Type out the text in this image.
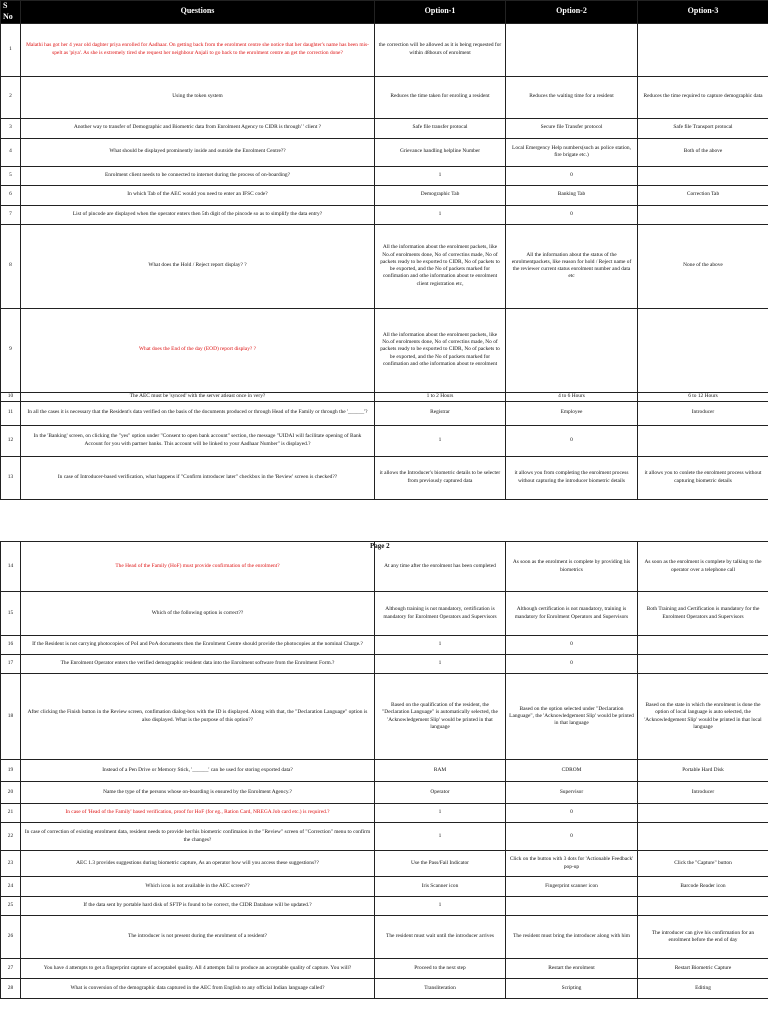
S No	Questions	Option-1	Option-2	Option-3
1	Malathi has got her 4 year old daghter priya enrolled for Aadhaar. On getting back from the enrolment centre she notice that her daughter's name has been mis-spelt as 'piya'. As she is extremely tired she request her neighbour Anjali to go back to the enrolment centre an get the correction done?	the correction will be allowed as it is being requested for within 48hours of enrolment		
2	Using the token system	Reduces the time taken for enroling a resident	Reduces the waiting time for a resident	Reduces the time required to capture demographic data
3	Another way to transfer of Demographic and Biometric data from Enrolment Agency to CIDR is through' ' client ?	Safe file transfer protocal	Secure file Transfer protocol	Safe file Transport protocal
4	What should be displayed prominently inside and outside the Enrolment Centre??	Grievance handling helpline Number	Local Emergency Help numbers(such as police station, fire brigate etc.)	Both of the above
5	Enrolment client needs to be connected to internet during the process of on-boarding?	1	0	
6	In which Tab of the AEC would you need to enter an IFSC code?	Demographic Tab	Banking Tab	Correction Tab
7	List of pincode are displayed when the operator enters then 5th digit of the pincode so as to simplify the data entry?	1	0	
8	What does the Hold / Reject report display? ?	All the information about the enrolment packets, like No.of enrolments done, No of correctins made, No of packets ready to be exported to CIDR, No of packets to be exported, and the No of packets marked for confimation and othe information about te enrolment client registration etc,	All the information about the status of the enrolmentpackets, like reason for hold / Reject name of the reviewer current status enrolment number and data etc	None of the above
9	What does the End of the day (EOD) report display? ?	All the information about the enrolment packets, like No.of enrolments done, No of correctins made, No of packets ready to be exported to CIDR, No of packets to be exported, and the No of packets marked for confimation and othe information about te enrolment		
10	The AEC must be 'synced' with the server atleast once in very?	1 to 2 Hours	4 to 6 Hours	6 to 12 Hours
11	In all the cases it is necessary that the Resident's data verified on the basis of the documents produced or through Head of the Family or through the '______'?	Registrar	Employee	Introducer
12	In the 'Banking' screen, on clicking the "yes" option under "Consent to open bank account" section, the message "UIDAI will facilitate opening of Bank Account for you with partner banks. This account will be linked to your Aadhaar Number" is displayed.?	1	0	
13	In case of Introducer-based verification, what happens if "Confirm introducer later" checkbox in the 'Review' screen is checked??	it allows the Introducer's biometric details to be selecter from previously captured data	it allows you from completing the enrolment process without capturing the introducer biometric details	it allows you to conlete the enrolment process without capturing biometric details
Page 2
14	The Head of the Family (HoF) must provide confirmation of the enrolment?	At any time after the enrolment has been completed	As soon as the enrolment is complete by providing his biometrics	As soon as the enrolment is complete by talking to the operator over a telephone call
15	Which of the following option is correct??	Although training is not mandatory, certification is mandatory for Enrolment Operators and Supervisors	Although certification is not mandatory, training is mandatory for Enrolment Operators and Supervisors	Both Training and Certification is mandatory for the Enrolment Operators and Supervisors
16	If the Resident is not carrying photocopies of PoI and PoA documents then the Enrolment Centre should provide the photocopies at the nominal Charge.?	1	0	
17	The Enrolment Operator enters the verified demographic resident data into the Enrolment software from the Enrolment Form.?	1	0	
18	After clicking the Finish button in the Review screen, confimation dialog-box with the ID is displayed. Along with that, the "Declaration Language" option is also displayed. What is the purpose of this option??	Based on the qualification of the resident, the "Declaration Language" is automatically selected, the 'Acknowledgement Slip' would be printed in that language	Based on the option selected under "Declaration Language", the 'Acknowledgement Slip' would be printed in that language	Based on the state in which the enrolment is done the option of local language is auto selected, the 'Acknowledgement Slip' would be printed in that local language
19	Instead of a Pen Drive or Memory Stick, '______' can be used for storing exported data?	RAM	CDROM	Portable Hard Disk
20	Name the type of the persons whose on-boarding is ensured by the Enrolment Agency.?	Operator	Supervisor	Introducer
21	In case of 'Head of the Family' based verification, proof for HoF (for eg., Ration Card, NREGA Job card etc.) is required.?	1	0	
22	In case of correction of existing enrolment data, resident needs to provide her/his biometric confimaion in the "Review" screen of "Correction" menu to confirm the changes?	1	0	
23	AEC 1.3 provides suggestions during biometric capture, As an operator how will you access these suggestions??	Use the Pass/Fail Indicator	Click on the button with 3 dots for 'Actionable Feedback' pop-up	Click the "Capture" button
24	Which icon is not available in the AEC screen??	Iris Scanner icon	Fingerprint scanner icon	Barcode Reader icon
25	If the data sent by portable hard disk of SFTP is found to be correct, the CIDR Database will be updated.?	1		
26	The introducer is not present during the enrolment of a resident?	The resident must wait until the introducer arrives	The resident must bring the introducer along with him	The introducer can give his confirmation for an enrolment before the end of day
27	You have 4 attempts to get a fingerprint capture of acceptabel quality. All 4 attempts fail to produce an acceptable quality of capture. You will?	Proceed to the next step	Restart the enrolment	Restart Biometric Capture
28	What is conversion of the demographic data captured in the AEC from English to any official Indian language called?	Transliteration	Scripting	Editing
